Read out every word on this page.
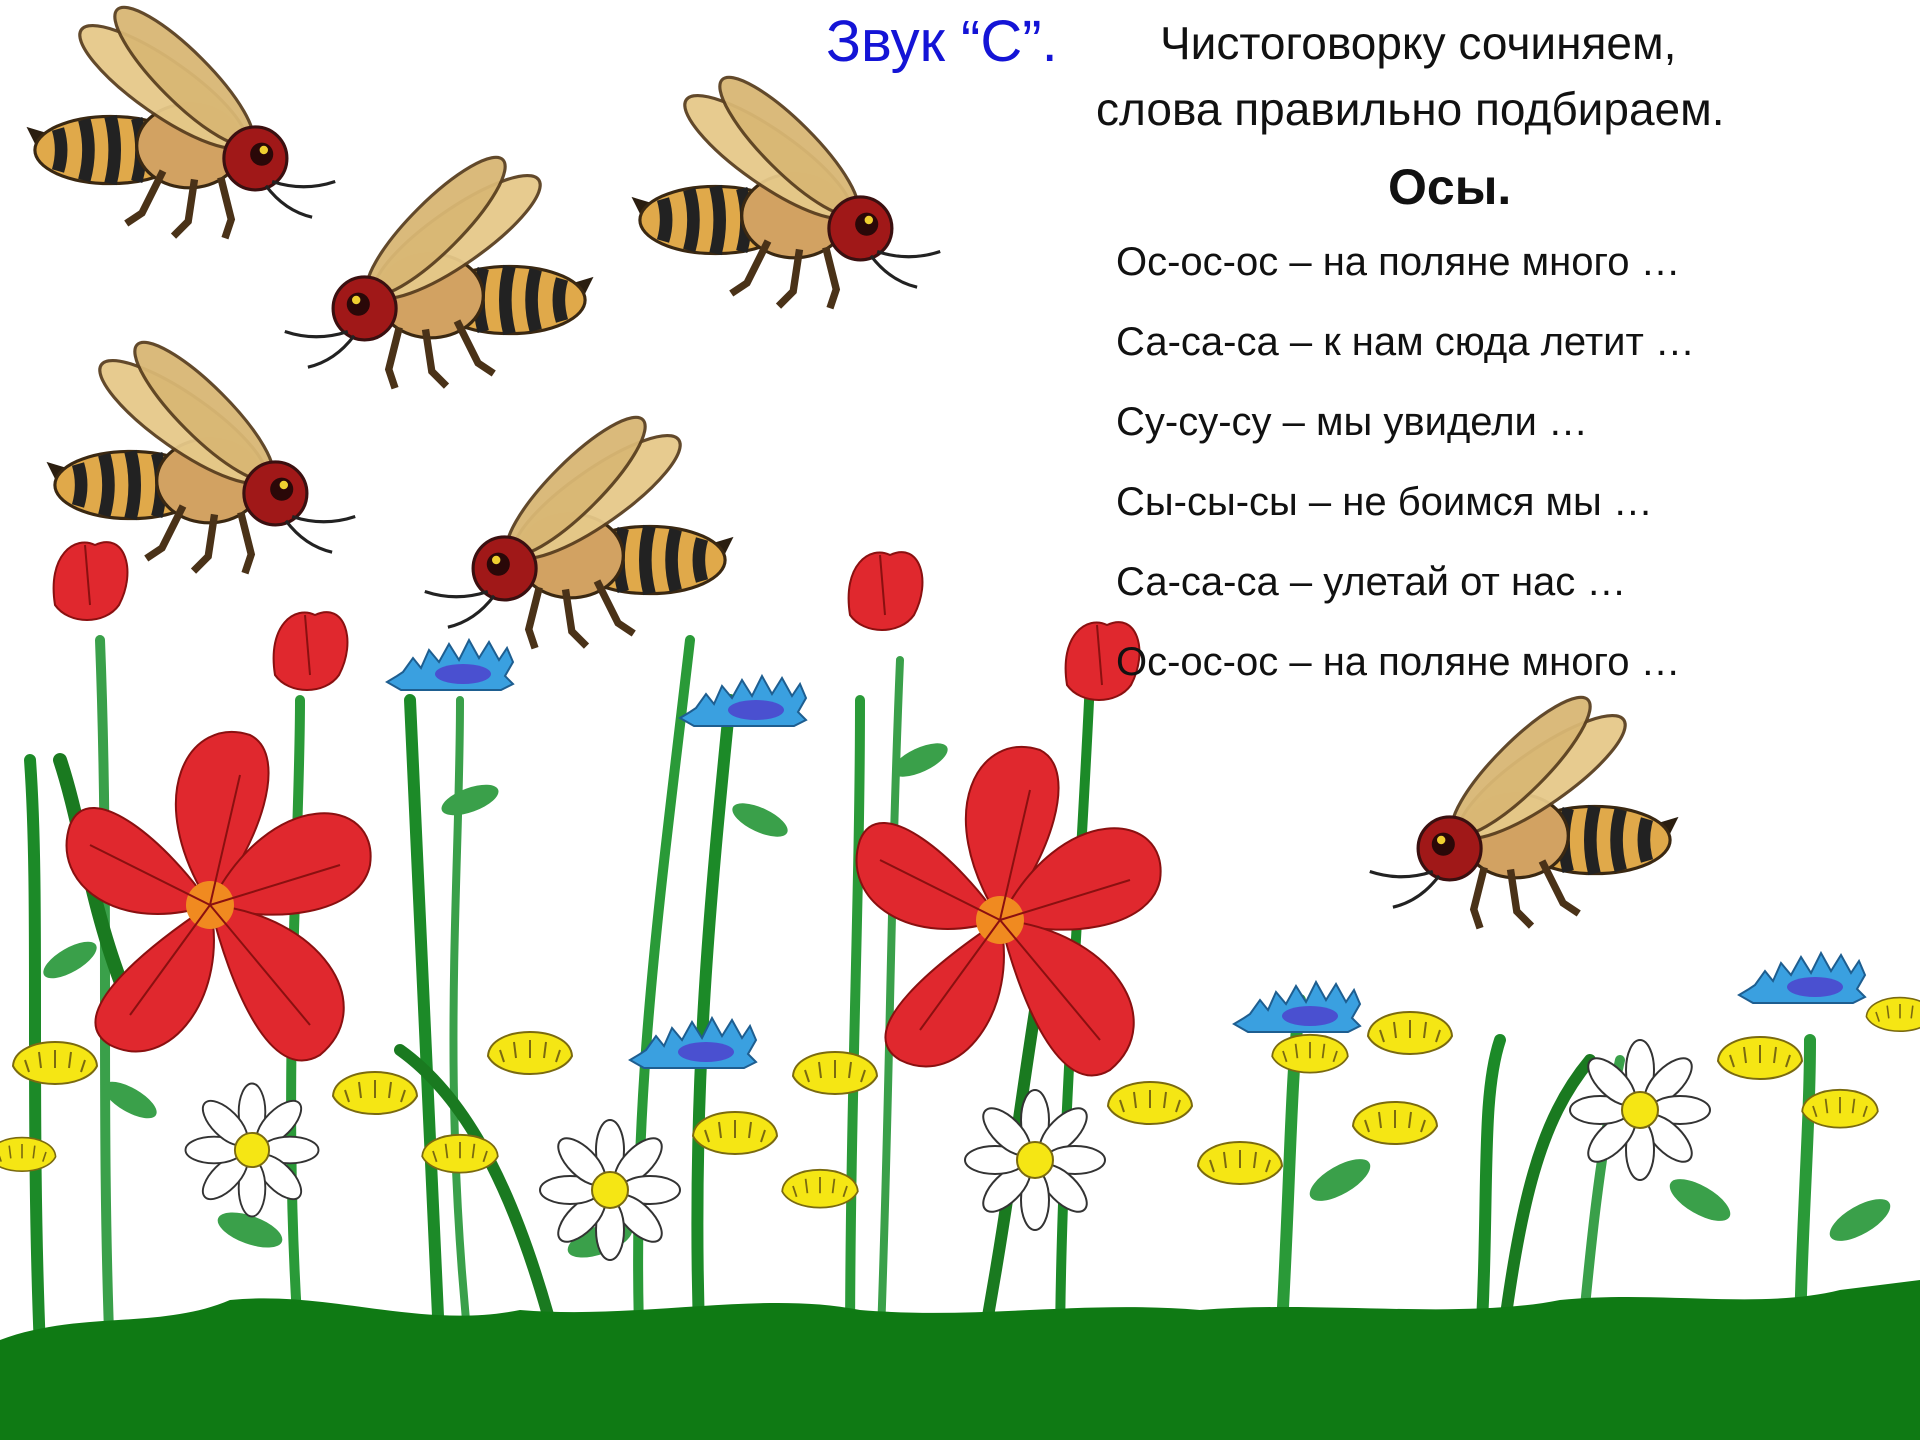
Звук “С”. Чистоговорку сочиняем,
слова правильно подбираем.
Осы.
Ос-ос-ос – на поляне много …
Са-са-са – к нам сюда летит …
Су-су-су – мы увидели …
Сы-сы-сы – не боимся мы …
Са-са-са – улетай от нас …
Ос-ос-ос – на поляне много …
